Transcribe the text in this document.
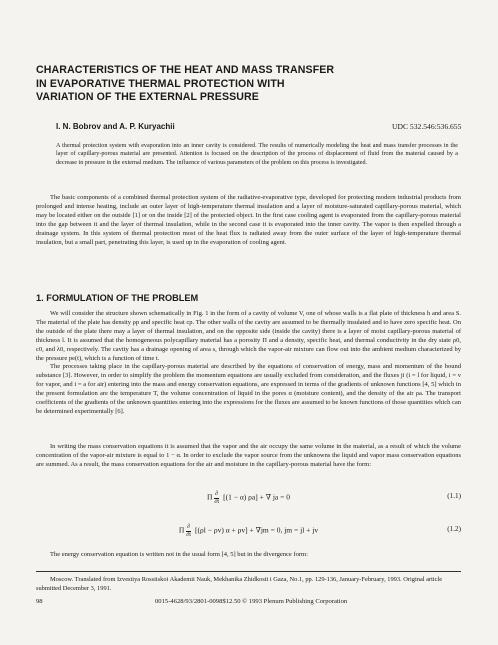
CHARACTERISTICS OF THE HEAT AND MASS TRANSFER
IN EVAPORATIVE THERMAL PROTECTION WITH
VARIATION OF THE EXTERNAL PRESSURE
I. N. Bobrov and A. P. Kuryachii	UDC 532.546:536.655
A thermal protection system with evaporation into an inner cavity is considered. The results of numerically modeling the heat and mass transfer processes in the layer of capillary-porous material are presented. Attention is focused on the description of the process of displacement of fluid from the material caused by a decrease in pressure in the external medium. The influence of various parameters of the problem on this process is investigated.
The basic components of a combined thermal protection system of the radiative-evaporative type, developed for protecting modern industrial products from prolonged and intense heating, include an outer layer of high-temperature thermal insulation and a layer of moisture-saturated capillary-porous material, which may be located either on the outside [1] or on the inside [2] of the protected object. In the first case cooling agent is evaporated from the capillary-porous material into the gap between it and the layer of thermal insulation, while in the second case it is evaporated into the inner cavity. The vapor is then expelled through a drainage system. In this system of thermal protection most of the heat flux is radiated away from the outer surface of the layer of high-temperature thermal insulation, but a small part, penetrating this layer, is used up in the evaporation of cooling agent.
1. FORMULATION OF THE PROBLEM
We will consider the structure shown schematically in Fig. 1 in the form of a cavity of volume V, one of whose walls is a flat plate of thickness h and area S. The material of the plate has density ρp and specific heat cp. The other walls of the cavity are assumed to be thermally insulated and to have zero specific heat. On the outside of the plate there may a layer of thermal insulation, and on the opposite side (inside the cavity) there is a layer of moist capillary-porous material of thickness l. It is assumed that the homogeneous polycapillary material has a porosity Π and a density, specific heat, and thermal conductivity in the dry state ρ0, c0, and λ0, respectively. The cavity has a drainage opening of area s, through which the vapor-air mixture can flow out into the ambient medium characterized by the pressure pe(t), which is a function of time t.
The processes taking place in the capillary-porous material are described by the equations of conservation of energy, mass and momentum of the bound substance [3]. However, in order to simplify the problem the momentum equations are usually excluded from consideration, and the fluxes ji (i = l for liquid, i = v for vapor, and i = a for air) entering into the mass and energy conservation equations, are expressed in terms of the gradients of unknown functions [4, 5] which in the present formulation are the temperature T, the volume concentration of liquid in the pores α (moisture content), and the density of the air ρa. The transport coefficients of the gradients of the unknown quantities entering into the expressions for the fluxes are assumed to be known functions of those quantities which can be determined experimentally [6].
In writing the mass conservation equations it is assumed that the vapor and the air occupy the same volume in the material, as a result of which the volume concentration of the vapor-air mixture is equal to 1 − α. In order to exclude the vapor source from the unknowns the liquid and vapor mass conservation equations are summed. As a result, the mass conservation equations for the air and moisture in the capillary-porous material have the form:
Π $\frac{\partial}{\partial t} [(1 - \alpha) \rho a]$ + ∇ ja = 0	(1.1)
Π $\frac{\partial}{\partial t} [(\rho l - \rho v) \alpha + \rho v] + \nabla jm = 0$, jm = jl + jv	(1.2)
The energy conservation equation is written not in the usual form [4, 5] but in the divergence form:
Moscow. Translated from Izvestiya Rossiiskoi Akademii Nauk, Mekhanika Zhidkosti i Gaza, No.1, pp. 129-136, January-February, 1993. Original article submitted December 3, 1991.
98	0015-4628/93/2801-0098$12.50 © 1993 Plenum Publishing Corporation
